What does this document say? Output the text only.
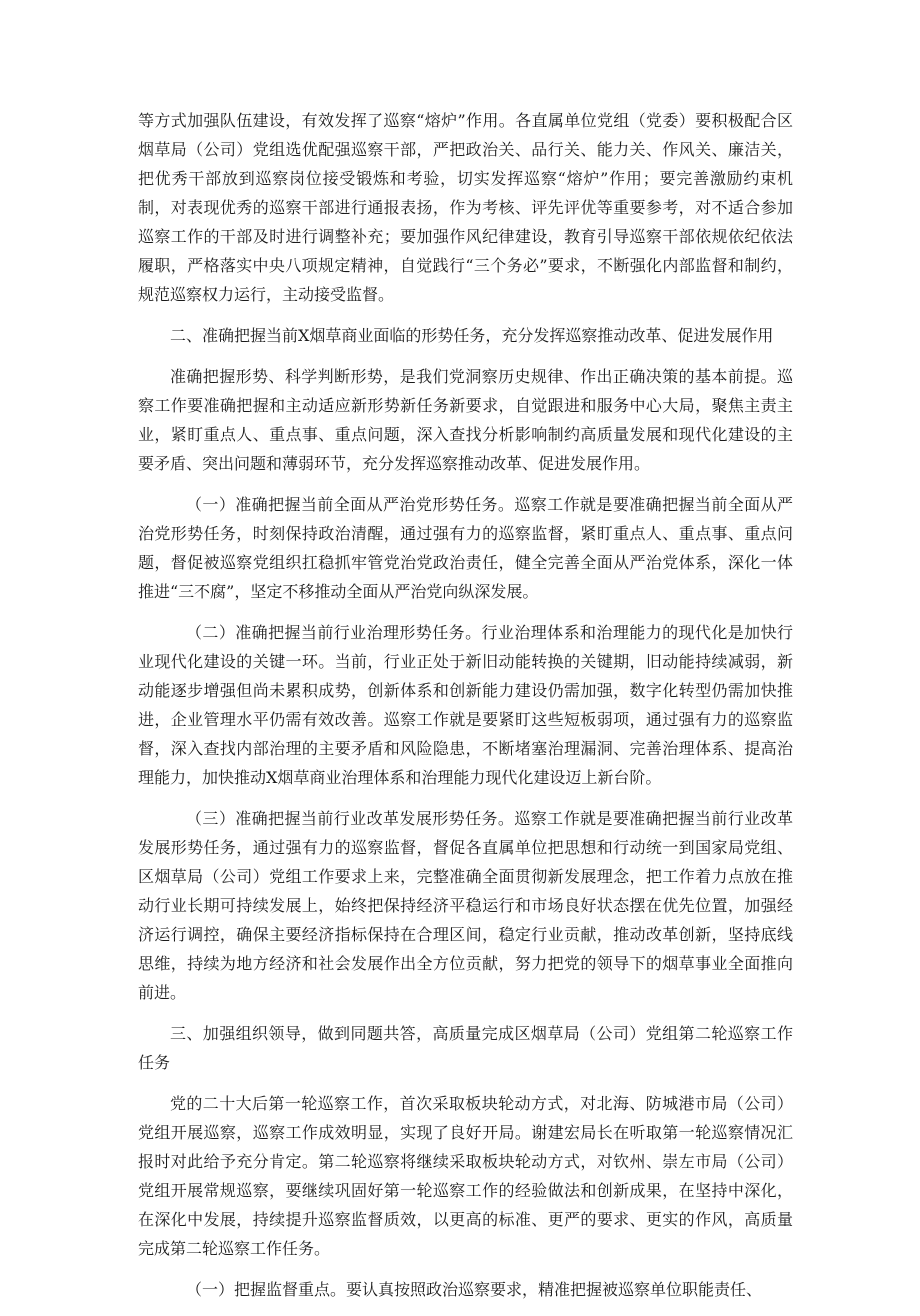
等方式加强队伍建设，有效发挥了巡察“熔炉”作用。各直属单位党组（党委）要积极配合区烟草局（公司）党组选优配强巡察干部，严把政治关、品行关、能力关、作风关、廉洁关，把优秀干部放到巡察岗位接受锻炼和考验，切实发挥巡察“熔炉”作用；要完善激励约束机制，对表现优秀的巡察干部进行通报表扬，作为考核、评先评优等重要参考，对不适合参加巡察工作的干部及时进行调整补充；要加强作风纪律建设，教育引导巡察干部依规依纪依法履职，严格落实中央八项规定精神，自觉践行“三个务必”要求，不断强化内部监督和制约，规范巡察权力运行，主动接受监督。

二、准确把握当前X烟草商业面临的形势任务，充分发挥巡察推动改革、促进发展作用

准确把握形势、科学判断形势，是我们党洞察历史规律、作出正确决策的基本前提。巡察工作要准确把握和主动适应新形势新任务新要求，自觉跟进和服务中心大局，聚焦主责主业，紧盯重点人、重点事、重点问题，深入查找分析影响制约高质量发展和现代化建设的主要矛盾、突出问题和薄弱环节，充分发挥巡察推动改革、促进发展作用。

（一）准确把握当前全面从严治党形势任务。巡察工作就是要准确把握当前全面从严治党形势任务，时刻保持政治清醒，通过强有力的巡察监督，紧盯重点人、重点事、重点问题，督促被巡察党组织扛稳抓牢管党治党政治责任，健全完善全面从严治党体系，深化一体推进“三不腐”，坚定不移推动全面从严治党向纵深发展。

（二）准确把握当前行业治理形势任务。行业治理体系和治理能力的现代化是加快行业现代化建设的关键一环。当前，行业正处于新旧动能转换的关键期，旧动能持续减弱，新动能逐步增强但尚未累积成势，创新体系和创新能力建设仍需加强，数字化转型仍需加快推进，企业管理水平仍需有效改善。巡察工作就是要紧盯这些短板弱项，通过强有力的巡察监督，深入查找内部治理的主要矛盾和风险隐患，不断堵塞治理漏洞、完善治理体系、提高治理能力，加快推动X烟草商业治理体系和治理能力现代化建设迈上新台阶。

（三）准确把握当前行业改革发展形势任务。巡察工作就是要准确把握当前行业改革发展形势任务，通过强有力的巡察监督，督促各直属单位把思想和行动统一到国家局党组、区烟草局（公司）党组工作要求上来，完整准确全面贯彻新发展理念，把工作着力点放在推动行业长期可持续发展上，始终把保持经济平稳运行和市场良好状态摆在优先位置，加强经济运行调控，确保主要经济指标保持在合理区间，稳定行业贡献，推动改革创新，坚持底线思维，持续为地方经济和社会发展作出全方位贡献，努力把党的领导下的烟草事业全面推向前进。

三、加强组织领导，做到同题共答，高质量完成区烟草局（公司）党组第二轮巡察工作任务

党的二十大后第一轮巡察工作，首次采取板块轮动方式，对北海、防城港市局（公司）党组开展巡察，巡察工作成效明显，实现了良好开局。谢建宏局长在听取第一轮巡察情况汇报时对此给予充分肯定。第二轮巡察将继续采取板块轮动方式，对钦州、崇左市局（公司）党组开展常规巡察，要继续巩固好第一轮巡察工作的经验做法和创新成果，在坚持中深化，在深化中发展，持续提升巡察监督质效，以更高的标准、更严的要求、更实的作风，高质量完成第二轮巡察工作任务。

（一）把握监督重点。要认真按照政治巡察要求，精准把握被巡察单位职能责任、
